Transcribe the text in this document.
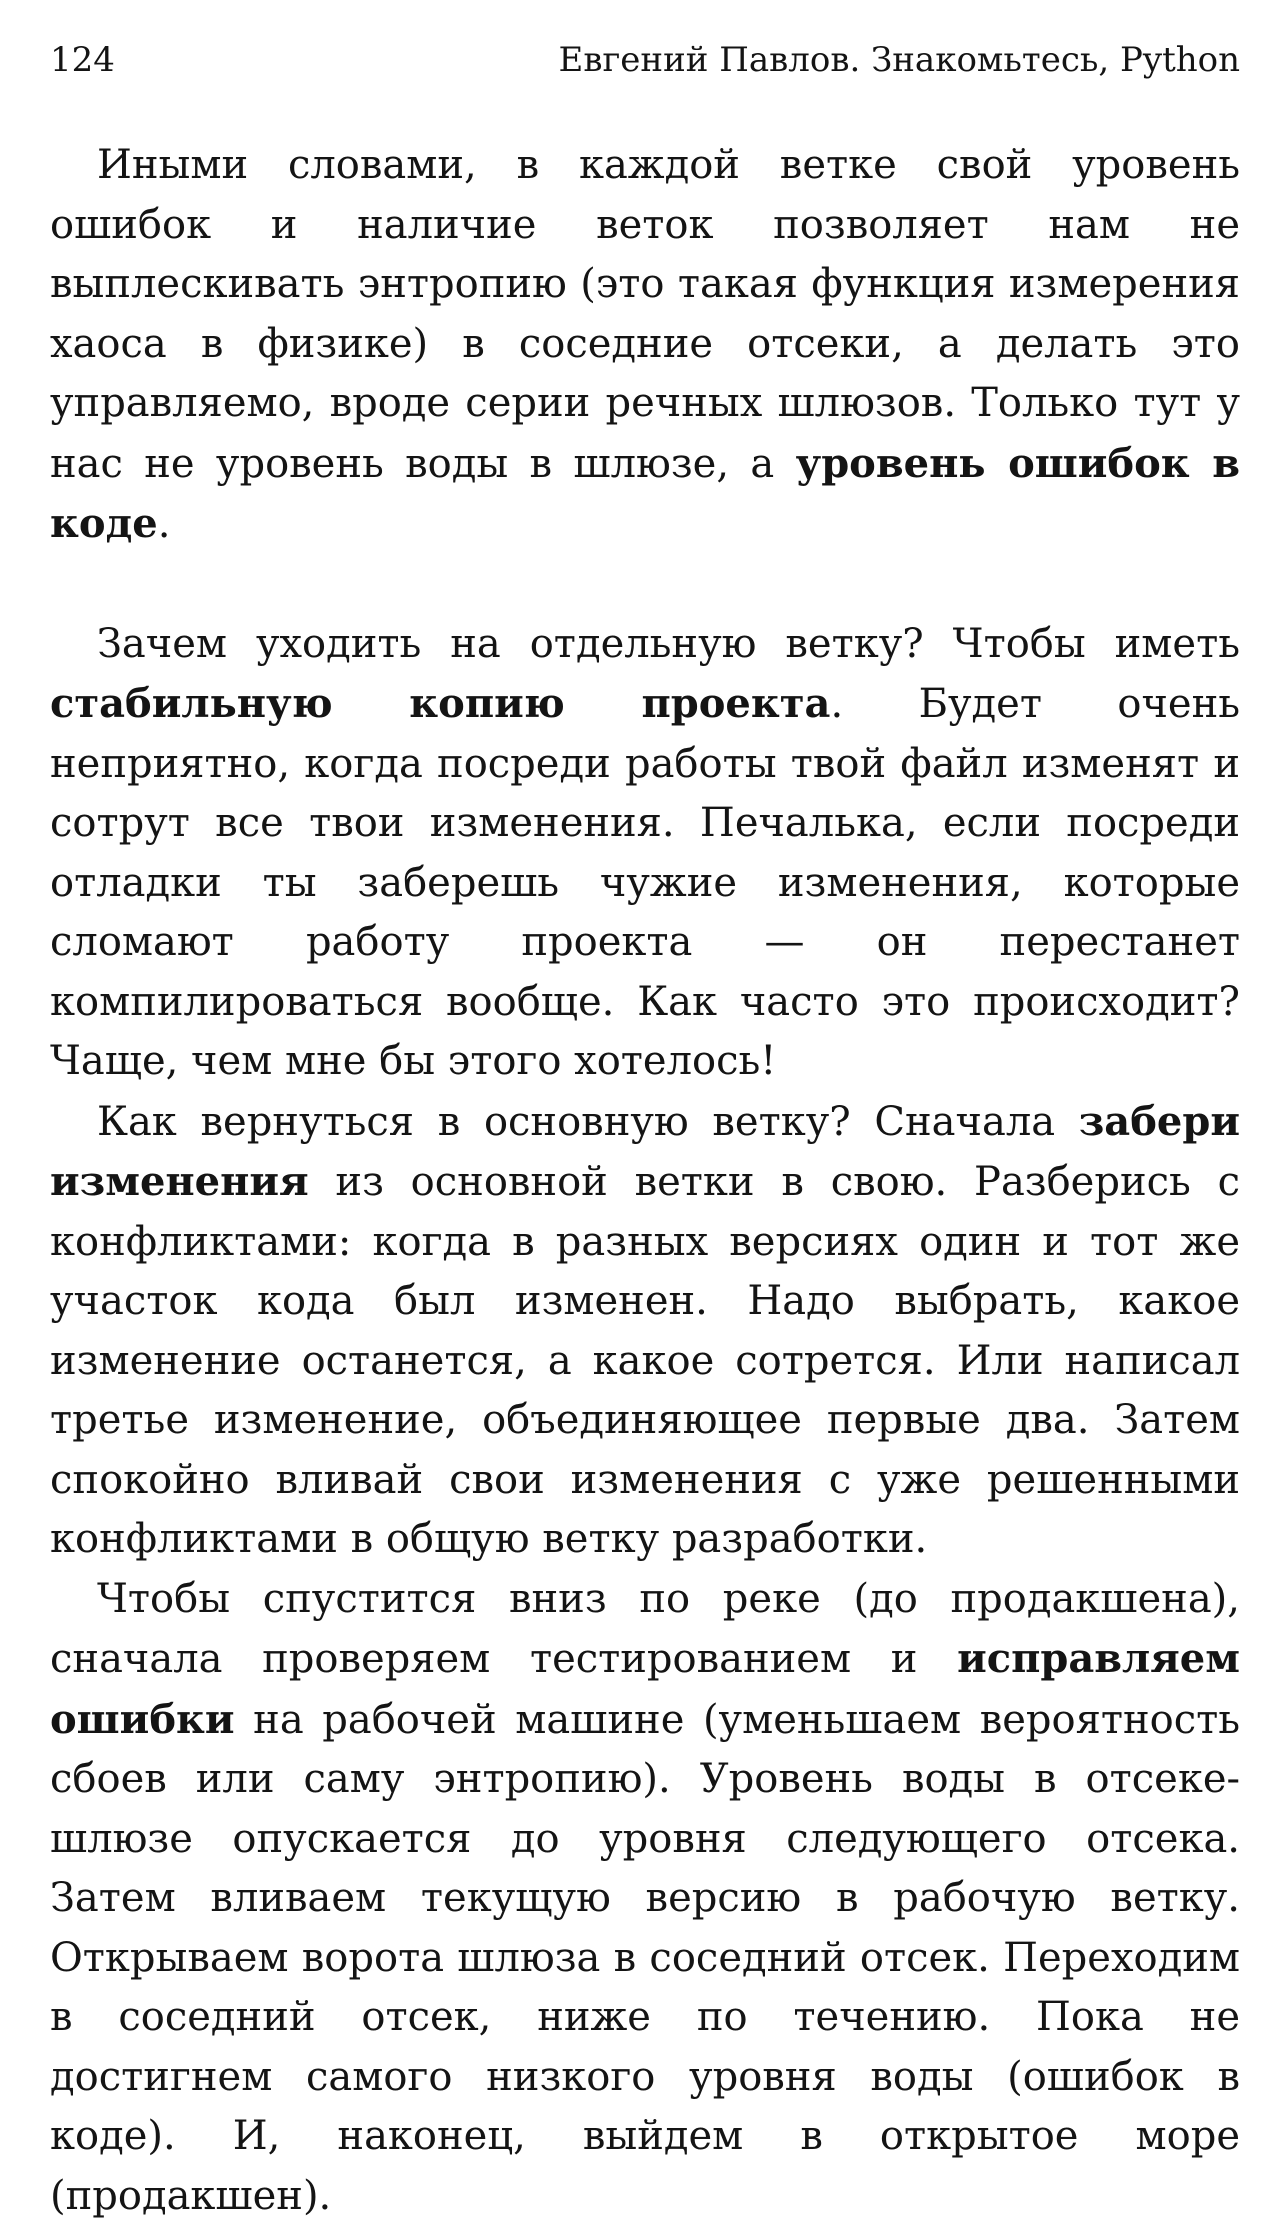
124	Евгений Павлов. Знакомьтесь, Python

Иными словами, в каждой ветке свой уровень ошибок и наличие веток позволяет нам не выплескивать энтропию (это такая функция измерения хаоса в физике) в соседние отсеки, а делать это управляемо, вроде серии речных шлюзов. Только тут у нас не уровень воды в шлюзе, а уровень ошибок в коде.

Зачем уходить на отдельную ветку? Чтобы иметь стабильную копию проекта. Будет очень неприятно, когда посреди работы твой файл изменят и сотрут все твои изменения. Печалька, если посреди отладки ты заберешь чужие изменения, которые сломают работу проекта — он перестанет компилироваться вообще. Как часто это происходит? Чаще, чем мне бы этого хотелось!

Как вернуться в основную ветку? Сначала забери изменения из основной ветки в свою. Разберись с конфликтами: когда в разных версиях один и тот же участок кода был изменен. Надо выбрать, какое изменение останется, а какое сотрется. Или написал третье изменение, объединяющее первые два. Затем спокойно вливай свои изменения с уже решенными конфликтами в общую ветку разработки.

Чтобы спустится вниз по реке (до продакшена), сначала проверяем тестированием и исправляем ошибки на рабочей машине (уменьшаем вероятность сбоев или саму энтропию). Уровень воды в отсеке-шлюзе опускается до уровня следующего отсека. Затем вливаем текущую версию в рабочую ветку. Открываем ворота шлюза в соседний отсек. Переходим в соседний отсек, ниже по течению. Пока не достигнем самого низкого уровня воды (ошибок в коде). И, наконец, выйдем в открытое море (продакшен).
